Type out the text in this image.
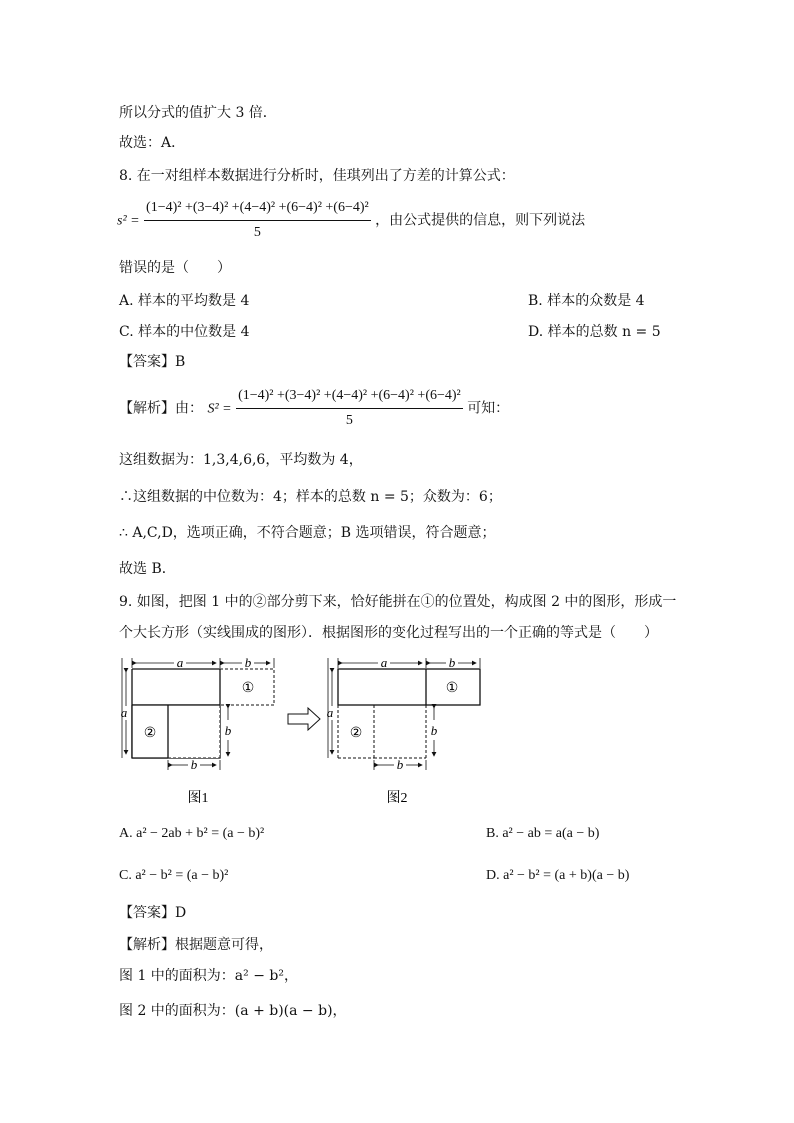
所以分式的值扩大 3 倍．
故选：A．
8. 在一对组样本数据进行分析时，佳琪列出了方差的计算公式：
$s^2 = \frac{\text{(1−4)² +(3−4)² +(4−4)² +(6−4)² +(6−4)²}}{5}$ ，由公式提供的信息，则下列说法
错误的是（　　）
A. 样本的平均数是 4	B. 样本的众数是 4
C. 样本的中位数是 4	D. 样本的总数 n = 5
【答案】B
【解析】由： $S^2 = \frac{\text{(1−4)² +(3−4)² +(4−4)² +(6−4)² +(6−4)²}}{5}$ 可知：
这组数据为：1,3,4,6,6，平均数为 4，
∴这组数据的中位数为：4；样本的总数 n = 5；众数为：6；
∴ A,C,D，选项正确，不符合题意；B 选项错误，符合题意；
故选 B．
9. 如图，把图 1 中的②部分剪下来，恰好能拼在①的位置处，构成图 2 中的图形，形成一
个大长方形（实线围成的图形）．根据图形的变化过程写出的一个正确的等式是（　　）
a	b
a
①
②	b
b
图1
a	b
a
①
②	b
b
图2
A. a² − 2ab + b² = (a − b)²	B. a² − ab = a(a − b)
C. a² − b² = (a − b)²	D. a² − b² = (a + b)(a − b)
【答案】D
【解析】根据题意可得，
图 1 中的面积为：a² − b²，
图 2 中的面积为：(a + b)(a − b)，
